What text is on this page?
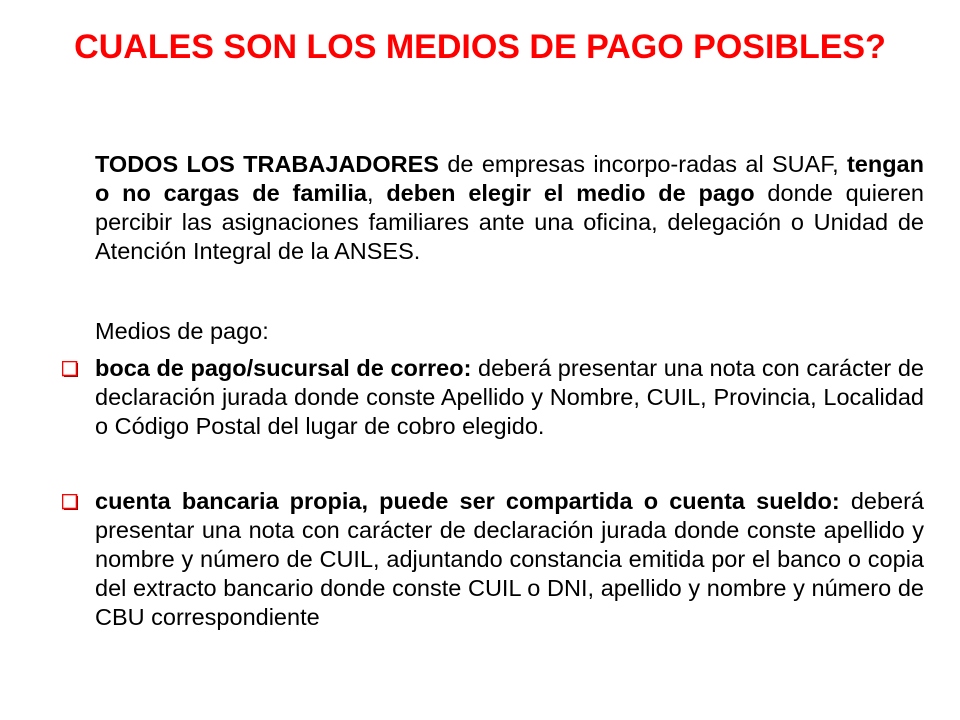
CUALES SON LOS MEDIOS DE PAGO POSIBLES?

TODOS LOS TRABAJADORES de empresas incorpo-radas al SUAF, tengan o no cargas de familia, deben elegir el medio de pago donde quieren percibir las asignaciones familiares ante una oficina, delegación o Unidad de Atención Integral de la ANSES.

Medios de pago:

boca de pago/sucursal de correo: deberá presentar una nota con carácter de declaración jurada donde conste Apellido y Nombre, CUIL, Provincia, Localidad o Código Postal del lugar de cobro elegido.

cuenta bancaria propia, puede ser compartida o cuenta sueldo: deberá presentar una nota con carácter de declaración jurada donde conste apellido y nombre y número de CUIL, adjuntando constancia emitida por el banco o copia del extracto bancario donde conste CUIL o DNI, apellido y nombre y número de CBU correspondiente
